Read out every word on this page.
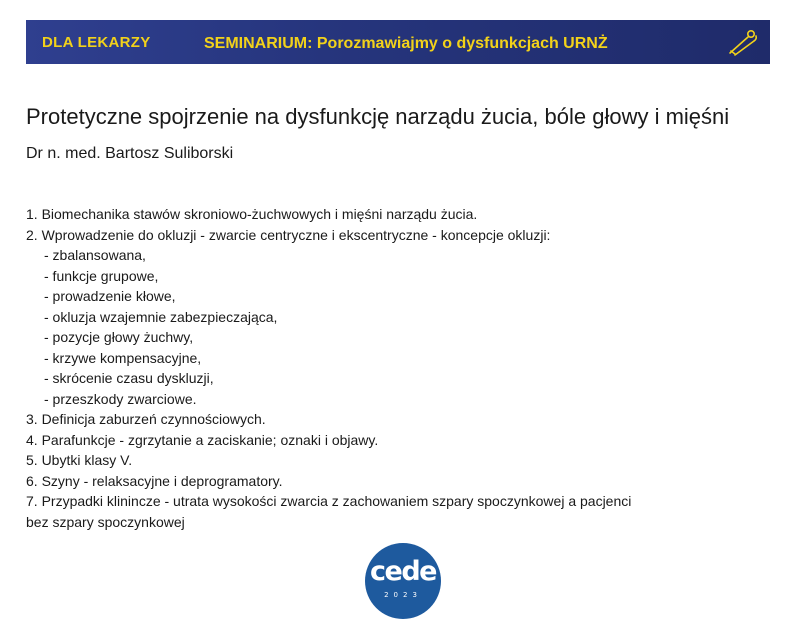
DLA LEKARZY	SEMINARIUM: Porozmawiajmy o dysfunkcjach URNŻ
Protetyczne spojrzenie na dysfunkcję narządu żucia, bóle głowy i mięśni
Dr n. med. Bartosz Suliborski
1. Biomechanika stawów skroniowo-żuchwowych i mięśni narządu żucia.
2. Wprowadzenie do okluzji - zwarcie centryczne i ekscentryczne - koncepcje okluzji:
- zbalansowana,
- funkcje grupowe,
- prowadzenie kłowe,
- okluzja wzajemnie zabezpieczająca,
- pozycje głowy żuchwy,
- krzywe kompensacyjne,
- skrócenie czasu dyskluzji,
- przeszkody zwarciowe.
3. Definicja zaburzeń czynnościowych.
4. Parafunkcje - zgrzytanie a zaciskanie; oznaki i objawy.
5. Ubytki klasy V.
6. Szyny - relaksacyjne i deprogramatory.
7. Przypadki klinincze - utrata wysokości zwarcia z zachowaniem szpary spoczynkowej a pacjenci
bez szpary spoczynkowej
cede
2023
